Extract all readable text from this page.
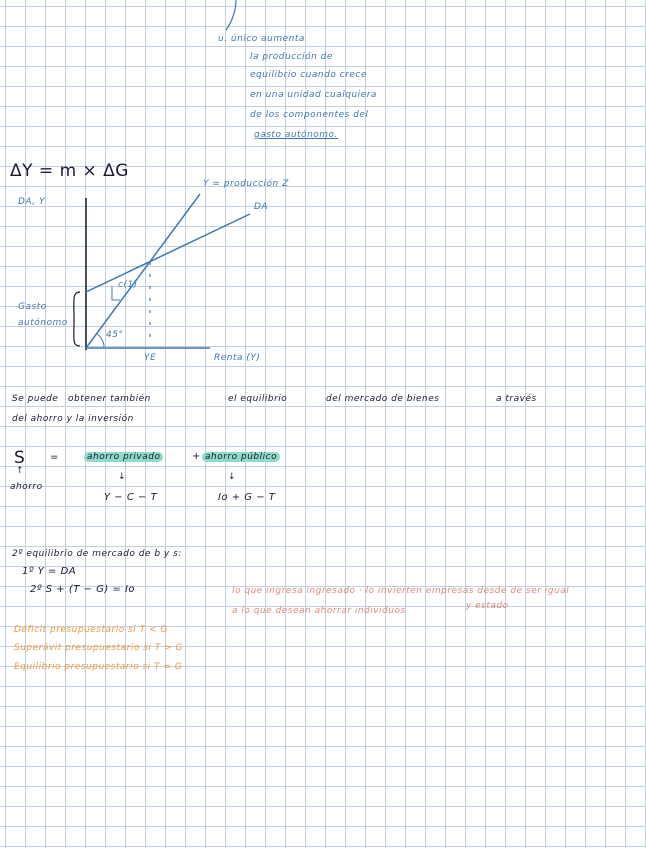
u. único aumenta
la producción de
equilibrio cuando crece
en una unidad cualquiera
de los componentes del
gasto autónomo.
ΔY = m × ΔG
DA, Y
Y = producción Z
DA
c(1)
45°
Gasto
autónomo
YE	Renta (Y)
Se puede obtener también	el equilibrio	del mercado de bienes	a través
del ahorro y la inversión
S =	ahorro privado	+ ahorro público
↑
ahorro
↓	↓
Y − C − T	Io + G − T
2º equilibrio de mercado de b y s:
1º Y = DA
2º S + (T − G) = Io	lo que ingresa ingresado · lo invierten empresas desde de ser igual
a lo que desean ahorrar individuos	y estado
Déficit presupuestario si T < G
Superávit presupuestario si T > G
Equilibrio presupuestario si T = G
